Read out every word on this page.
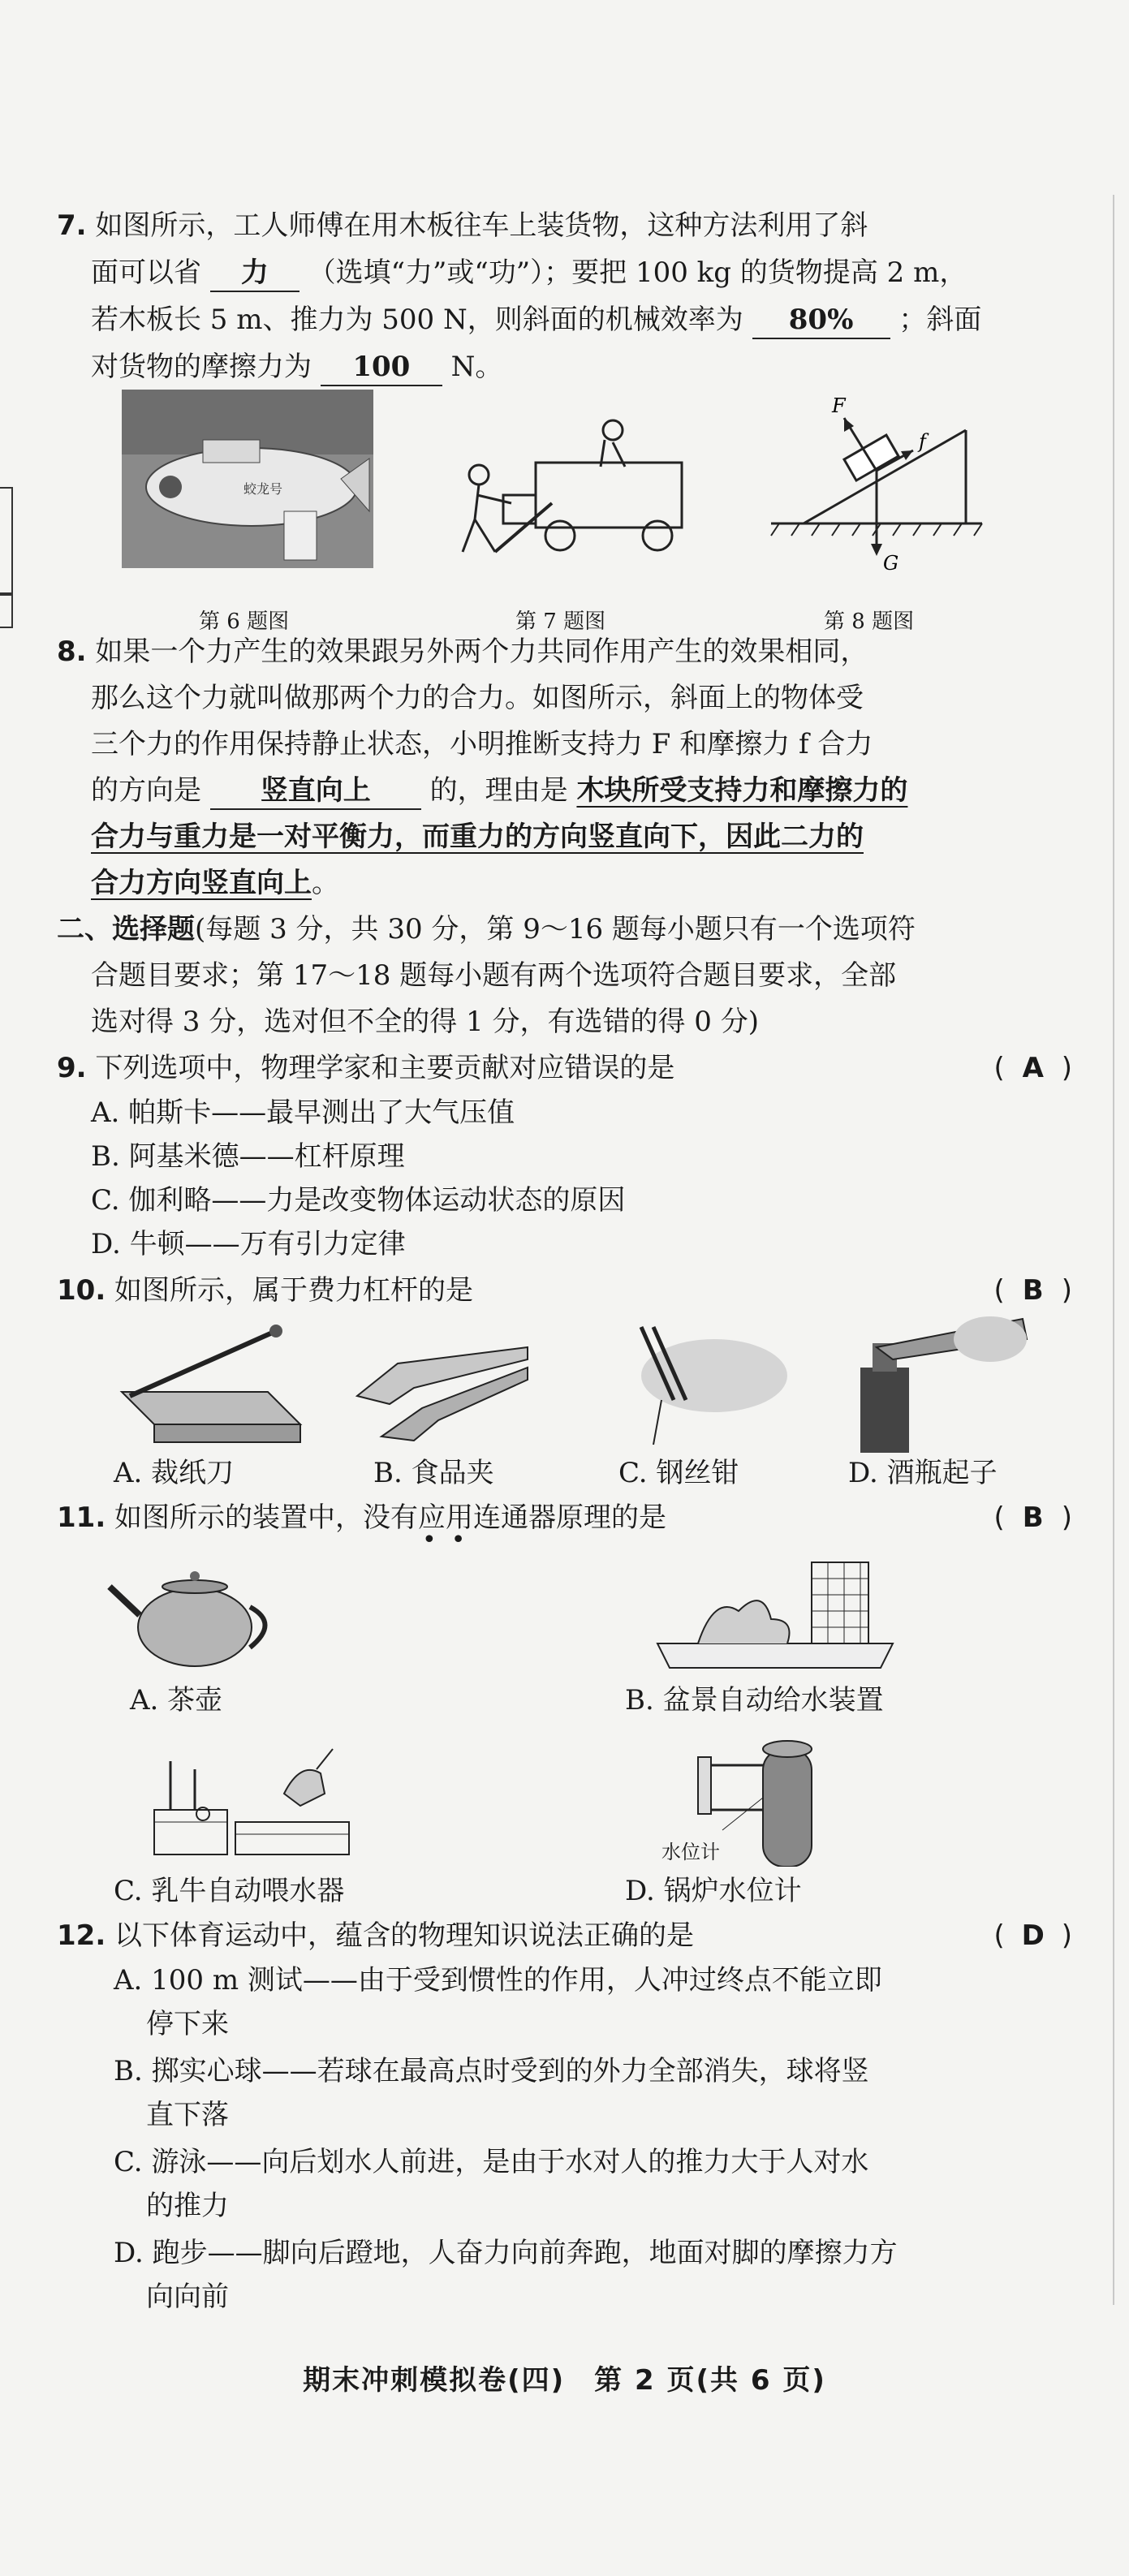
7. 如图所示，工人师傅在用木板往车上装货物，这种方法利用了斜
面可以省 力 （选填“力”或“功”）；要把 100 kg 的货物提高 2 m，
若木板长 5 m、推力为 500 N，则斜面的机械效率为 80% ；斜面
对货物的摩擦力为 100 N。
蛟龙号
F
f
G
第 6 题图	第 7 题图	第 8 题图
8. 如果一个力产生的效果跟另外两个力共同作用产生的效果相同，
那么这个力就叫做那两个力的合力。如图所示，斜面上的物体受
三个力的作用保持静止状态，小明推断支持力 F 和摩擦力 f 合力
的方向是 竖直向上 的，理由是 木块所受支持力和摩擦力的
合力与重力是一对平衡力，而重力的方向竖直向下，因此二力的
合力方向竖直向上。
二、选择题(每题 3 分，共 30 分，第 9～16 题每小题只有一个选项符
合题目要求；第 17～18 题每小题有两个选项符合题目要求，全部
选对得 3 分，选对但不全的得 1 分，有选错的得 0 分)
9. 下列选项中，物理学家和主要贡献对应错误的是	( A )
A. 帕斯卡——最早测出了大气压值
B. 阿基米德——杠杆原理
C. 伽利略——力是改变物体运动状态的原因
D. 牛顿——万有引力定律
10. 如图所示，属于费力杠杆的是	( B )
A. 裁纸刀	B. 食品夹	C. 钢丝钳	D. 酒瓶起子
11. 如图所示的装置中，没有应用连通器原理的是	( B )
••
A. 茶壶	B. 盆景自动给水装置
C. 乳牛自动喂水器
水位计
D. 锅炉水位计
12. 以下体育运动中，蕴含的物理知识说法正确的是	( D )
A. 100 m 测试——由于受到惯性的作用，人冲过终点不能立即
停下来
B. 掷实心球——若球在最高点时受到的外力全部消失，球将竖
直下落
C. 游泳——向后划水人前进，是由于水对人的推力大于人对水
的推力
D. 跑步——脚向后蹬地，人奋力向前奔跑，地面对脚的摩擦力方
向向前
期末冲刺模拟卷(四)　第 2 页(共 6 页)
